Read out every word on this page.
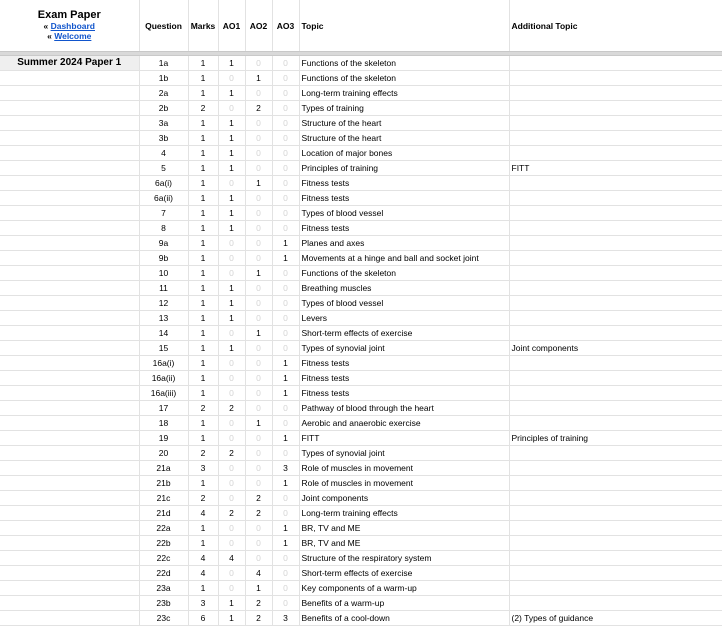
Exam Paper
« Dashboard
« Welcome	Question	Marks	AO1	AO2	AO3	Topic	Additional Topic

Summer 2024 Paper 1	1a	1	1	0	0	Functions of the skeleton	
	1b	1	0	1	0	Functions of the skeleton	
	2a	1	1	0	0	Long-term training effects	
	2b	2	0	2	0	Types of training	
	3a	1	1	0	0	Structure of the heart	
	3b	1	1	0	0	Structure of the heart	
	4	1	1	0	0	Location of major bones	
	5	1	1	0	0	Principles of training	FITT
	6a(i)	1	0	1	0	Fitness tests	
	6a(ii)	1	1	0	0	Fitness tests	
	7	1	1	0	0	Types of blood vessel	
	8	1	1	0	0	Fitness tests	
	9a	1	0	0	1	Planes and axes	
	9b	1	0	0	1	Movements at a hinge and ball and socket joint	
	10	1	0	1	0	Functions of the skeleton	
	11	1	1	0	0	Breathing muscles	
	12	1	1	0	0	Types of blood vessel	
	13	1	1	0	0	Levers	
	14	1	0	1	0	Short-term effects of exercise	
	15	1	1	0	0	Types of synovial joint	Joint components
	16a(i)	1	0	0	1	Fitness tests	
	16a(ii)	1	0	0	1	Fitness tests	
	16a(iii)	1	0	0	1	Fitness tests	
	17	2	2	0	0	Pathway of blood through the heart	
	18	1	0	1	0	Aerobic and anaerobic exercise	
	19	1	0	0	1	FITT	Principles of training
	20	2	2	0	0	Types of synovial joint	
	21a	3	0	0	3	Role of muscles in movement	
	21b	1	0	0	1	Role of muscles in movement	
	21c	2	0	2	0	Joint components	
	21d	4	2	2	0	Long-term training effects	
	22a	1	0	0	1	BR, TV and ME	
	22b	1	0	0	1	BR, TV and ME	
	22c	4	4	0	0	Structure of the respiratory system	
	22d	4	0	4	0	Short-term effects of exercise	
	23a	1	0	1	0	Key components of a warm-up	
	23b	3	1	2	0	Benefits of a warm-up	
	23c	6	1	2	3	Benefits of a cool-down	(2) Types of guidance
